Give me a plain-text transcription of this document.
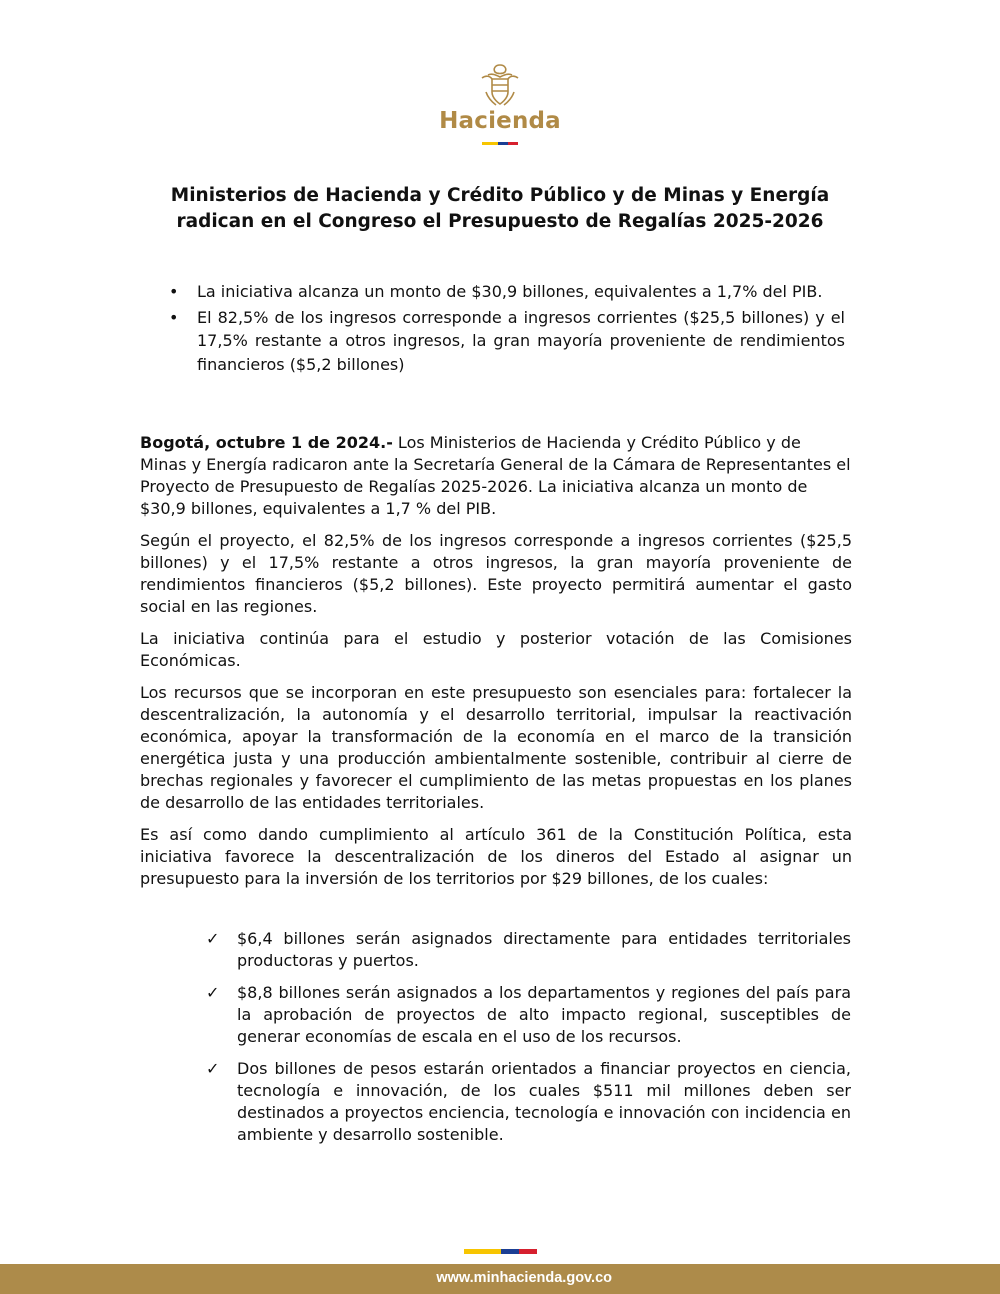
Hacienda
Ministerios de Hacienda y Crédito Público y de Minas y Energía
radican en el Congreso el Presupuesto de Regalías 2025-2026
• La iniciativa alcanza un monto de $30,9 billones, equivalentes a 1,7% del PIB.
• El 82,5% de los ingresos corresponde a ingresos corrientes ($25,5 billones) y el 17,5% restante a otros ingresos, la gran mayoría proveniente de rendimientos financieros ($5,2 billones)

Bogotá, octubre 1 de 2024.- Los Ministerios de Hacienda y Crédito Público y de Minas y Energía radicaron ante la Secretaría General de la Cámara de Representantes el Proyecto de Presupuesto de Regalías 2025-2026. La iniciativa alcanza un monto de $30,9 billones, equivalentes a 1,7 % del PIB.

Según el proyecto, el 82,5% de los ingresos corresponde a ingresos corrientes ($25,5 billones) y el 17,5% restante a otros ingresos, la gran mayoría proveniente de rendimientos financieros ($5,2 billones). Este proyecto permitirá aumentar el gasto social en las regiones.

La iniciativa continúa para el estudio y posterior votación de las Comisiones Económicas.

Los recursos que se incorporan en este presupuesto son esenciales para: fortalecer la descentralización, la autonomía y el desarrollo territorial, impulsar la reactivación económica, apoyar la transformación de la economía en el marco de la transición energética justa y una producción ambientalmente sostenible, contribuir al cierre de brechas regionales y favorecer el cumplimiento de las metas propuestas en los planes de desarrollo de las entidades territoriales.

Es así como dando cumplimiento al artículo 361 de la Constitución Política, esta iniciativa favorece la descentralización de los dineros del Estado al asignar un presupuesto para la inversión de los territorios por $29 billones, de los cuales:

✓ $6,4 billones serán asignados directamente para entidades territoriales productoras y puertos.
✓ $8,8 billones serán asignados a los departamentos y regiones del país para la aprobación de proyectos de alto impacto regional, susceptibles de generar economías de escala en el uso de los recursos.
✓ Dos billones de pesos estarán orientados a financiar proyectos en ciencia, tecnología e innovación, de los cuales $511 mil millones deben ser destinados a proyectos enciencia, tecnología e innovación con incidencia en ambiente y desarrollo sostenible.
www.minhacienda.gov.co
